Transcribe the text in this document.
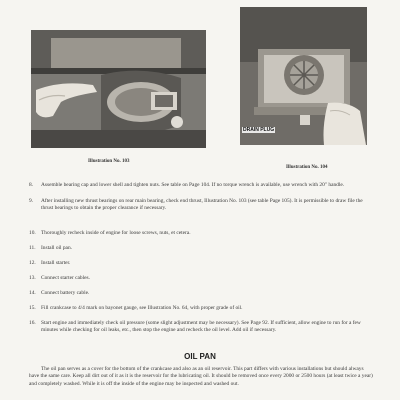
Illustration No. 103
DRAIN PLUG
Illustration No. 104
8.	Assemble bearing cap and lower shell and tighten nuts. See table on Page 104. If no torque wrench is available, use wrench with 20" handle.
9.	After installing new thrust bearings on rear main bearing, check end thrust, Illustration No. 103 (see table Page 105). It is permissible to draw file the thrust bearings to obtain the proper clearance if necessary.
10. Thoroughly recheck inside of engine for loose screws, nuts, et cetera.
11.	Install oil pan.
12. Install starter.
13. Connect starter cables.
14. Connect battery cable.
15. Fill crankcase to 4/4 mark on bayonet gauge, see Illustration No. 64, with proper grade of oil.
16. Start engine and immediately check oil pressure (some slight adjustment may be necessary). See Page 92. If sufficient, allow engine to run for a few minutes while checking for oil leaks, etc., then stop the engine and recheck the oil level. Add oil if necessary.
OIL PAN
The oil pan serves as a cover for the bottom of the crankcase and also as an oil reservoir. This part differs with various installations but should always have the same care. Keep all dirt out of it as it is the reservoir for the lubricating oil. It should be removed once every 2000 or 2500 hours (at least twice a year) and completely washed. While it is off the inside of the engine may be inspected and washed out.
